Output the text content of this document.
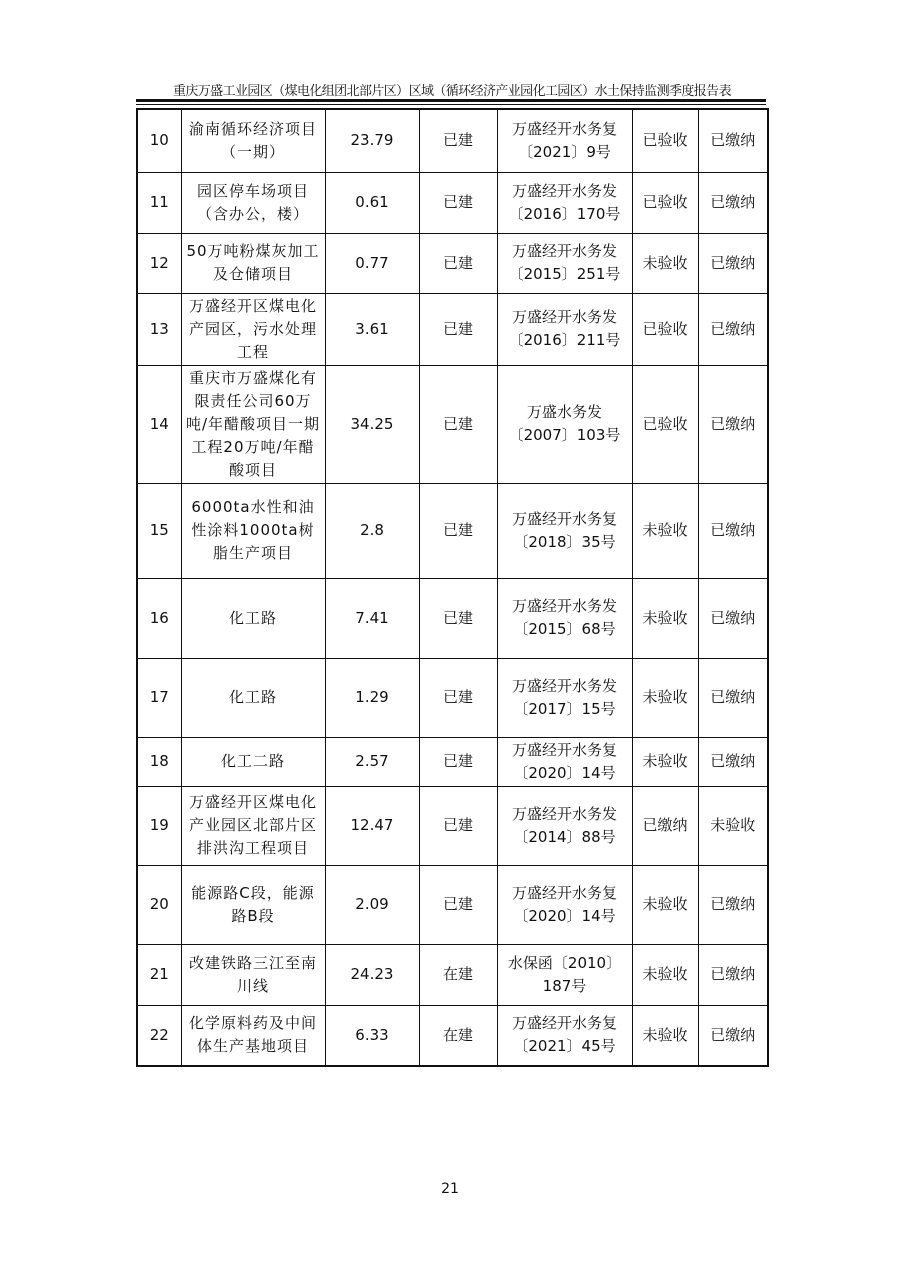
重庆万盛工业园区（煤电化组团北部片区）区域（循环经济产业园化工园区）水土保持监测季度报告表
10	渝南循环经济项目（一期）	23.79	已建	万盛经开水务复〔2021〕9号	已验收	已缴纳
11	园区停车场项目（含办公，楼）	0.61	已建	万盛经开水务发〔2016〕170号	已验收	已缴纳
12	50万吨粉煤灰加工及仓储项目	0.77	已建	万盛经开水务发〔2015〕251号	未验收	已缴纳
13	万盛经开区煤电化产园区，污水处理工程	3.61	已建	万盛经开水务发〔2016〕211号	已验收	已缴纳
14	重庆市万盛煤化有限责任公司60万吨/年醋酸项目一期工程20万吨/年醋酸项目	34.25	已建	万盛水务发〔2007〕103号	已验收	已缴纳
15	6000ta水性和油性涂料1000ta树脂生产项目	2.8	已建	万盛经开水务复〔2018〕35号	未验收	已缴纳
16	化工路	7.41	已建	万盛经开水务发〔2015〕68号	未验收	已缴纳
17	化工路	1.29	已建	万盛经开水务发〔2017〕15号	未验收	已缴纳
18	化工二路	2.57	已建	万盛经开水务复〔2020〕14号	未验收	已缴纳
19	万盛经开区煤电化产业园区北部片区排洪沟工程项目	12.47	已建	万盛经开水务发〔2014〕88号	已缴纳	未验收
20	能源路C段，能源路B段	2.09	已建	万盛经开水务复〔2020〕14号	未验收	已缴纳
21	改建铁路三江至南川线	24.23	在建	水保函〔2010〕187号	未验收	已缴纳
22	化学原料药及中间体生产基地项目	6.33	在建	万盛经开水务复〔2021〕45号	未验收	已缴纳
21
